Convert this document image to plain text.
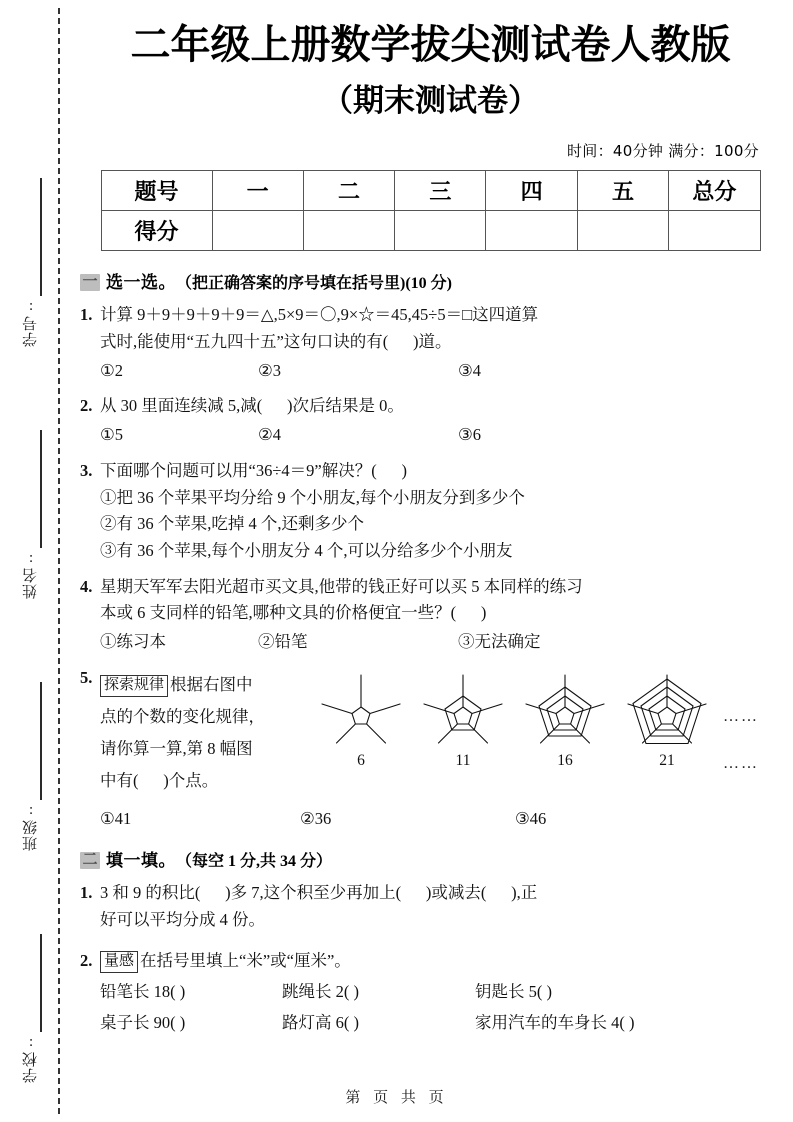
学号:
姓名:
班级:
学校:
二年级上册数学拔尖测试卷人教版
（期末测试卷）
时间：40分钟 满分：100分
题号	一	二	三	四	五	总分
得分						
一 选一选。 （把正确答案的序号填在括号里)(10 分)
1. 计算 9＋9＋9＋9＋9＝△,5×9＝〇,9×☆＝45,45÷5＝□这四道算
式时,能使用“五九四十五”这句口诀的有(      )道。
①2	②3	③4
2. 从 30 里面连续减 5,减(      )次后结果是 0。
①5	②4	③6
3. 下面哪个问题可以用“36÷4＝9”解决？(      )
①把 36 个苹果平均分给 9 个小朋友,每个小朋友分到多少个
②有 36 个苹果,吃掉 4 个,还剩多少个
③有 36 个苹果,每个小朋友分 4 个,可以分给多少个小朋友
4. 星期天军军去阳光超市买文具,他带的钱正好可以买 5 本同样的练习
本或 6 支同样的铅笔,哪种文具的价格便宜一些？(      )
①练习本	②铅笔	③无法确定
5. 探索规律 根据右图中
点的个数的变化规律，
请你算一算,第 8 幅图
中有(      )个点。
6	11	16	21
……
……
①41	②36	③46
二 填一填。 （每空 1 分,共 34 分）
1. 3 和 9 的积比(      )多 7,这个积至少再加上(      )或减去(      ),正
好可以平均分成 4 份。
2. 量感 在括号里填上“米”或“厘米”。
铅笔长 18( )	跳绳长 2( )	钥匙长 5( )
桌子长 90( )	路灯高 6( )	家用汽车的车身长 4( )
第 页 共 页
